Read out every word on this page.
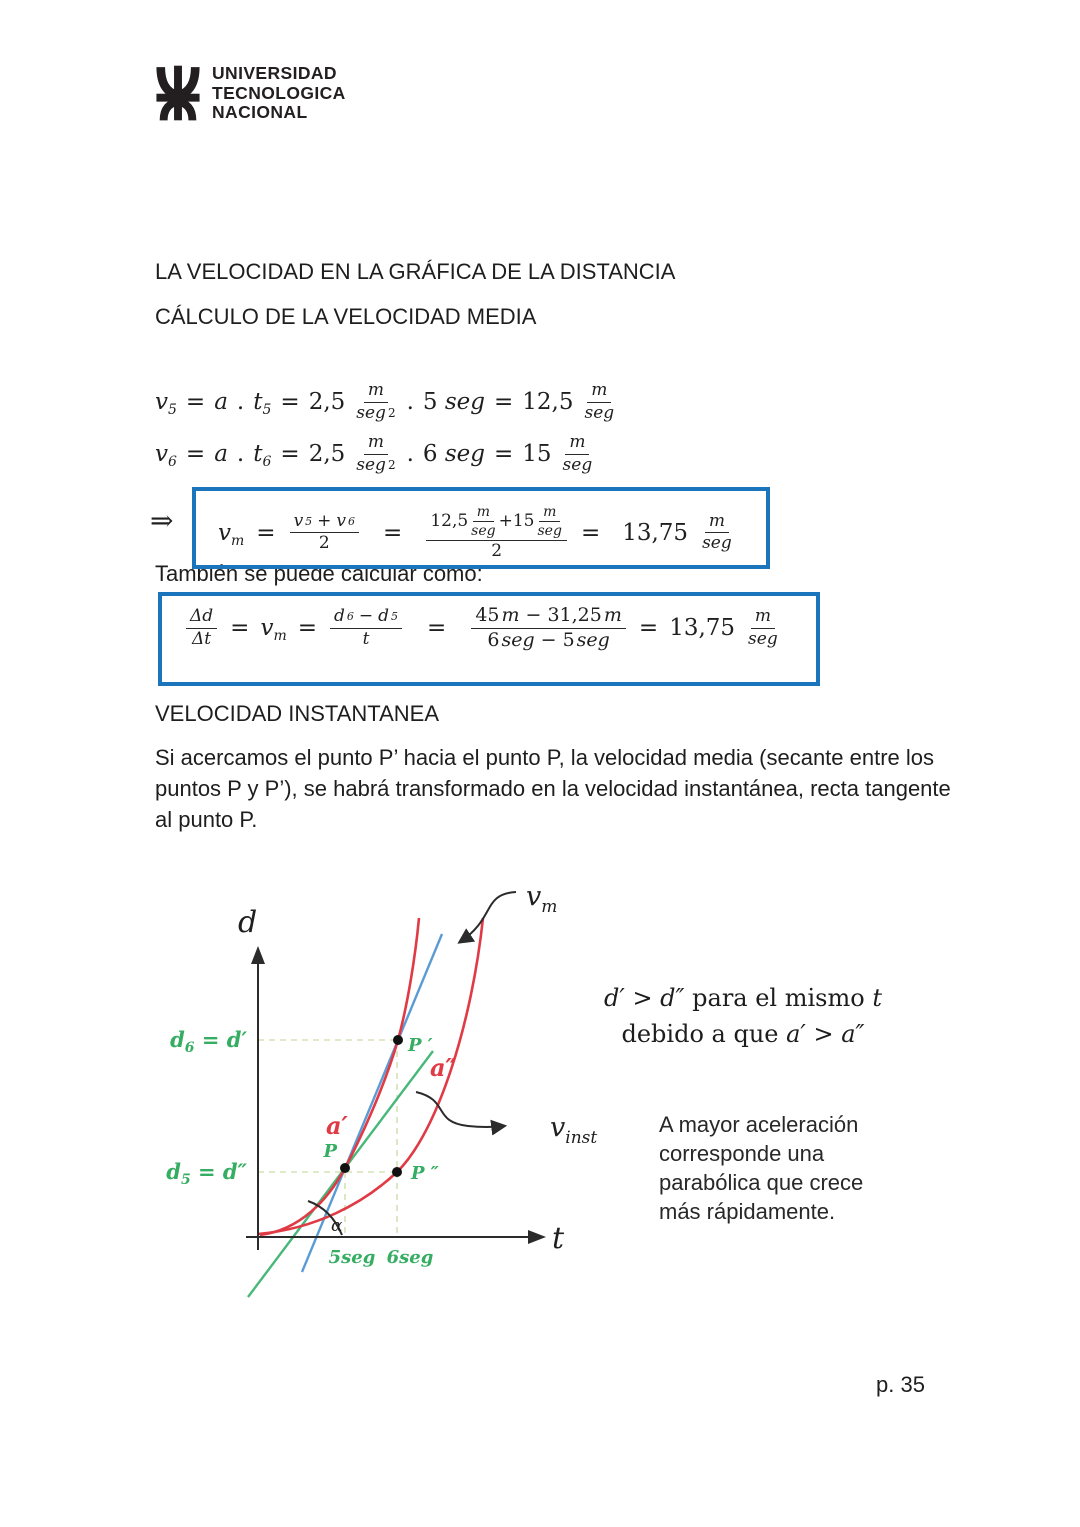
UNIVERSIDAD
TECNOLOGICA
NACIONAL
LA VELOCIDAD EN LA GRÁFICA DE LA DISTANCIA
CÁLCULO DE LA VELOCIDAD MEDIA
$v_5 = a$ . $t_5 = 2,5 \frac{m}{\text{seg 2}}$ . 5 seg = $12,5 \frac{m}{\text{seg}}$
$v_6 = a$ . $t_6 = 2,5 \frac{m}{\text{seg 2}}$ . 6 seg = $15 \frac{m}{\text{seg}}$
⇒ $v_m = \frac{v 5 + v 6}{2}$	=	$\frac{12,5 \frac{m}{\text{seg}} +15 \frac{m}{\text{seg}}}{2} = 13,75 \frac{m}{\text{seg}}$
También se puede calcular como:
$\frac{\Delta d}{\Delta t} = v_m = \frac{d 6 - d 5}{t}$	=	$\frac{45 m - 31,25 m}{\text{6 seg − 5 seg}} = 13,75 \frac{m}{\text{seg}}$
VELOCIDAD INSTANTANEA
Si acercamos el punto P’ hacia el punto P, la velocidad media (secante entre los puntos P y P’), se habrá transformado en la velocidad instantánea, recta tangente al punto P.
α
d
t
$d_6 = d'$
$d_5 = d''$
P
P ′
P ″
a′
a″
5seg 6seg
$v_m$
$v_{inst}$
d′ > d″ para el mismo t
debido a que a′ > a″
A mayor aceleración corresponde una parabólica que crece más rápidamente.
p. 35
